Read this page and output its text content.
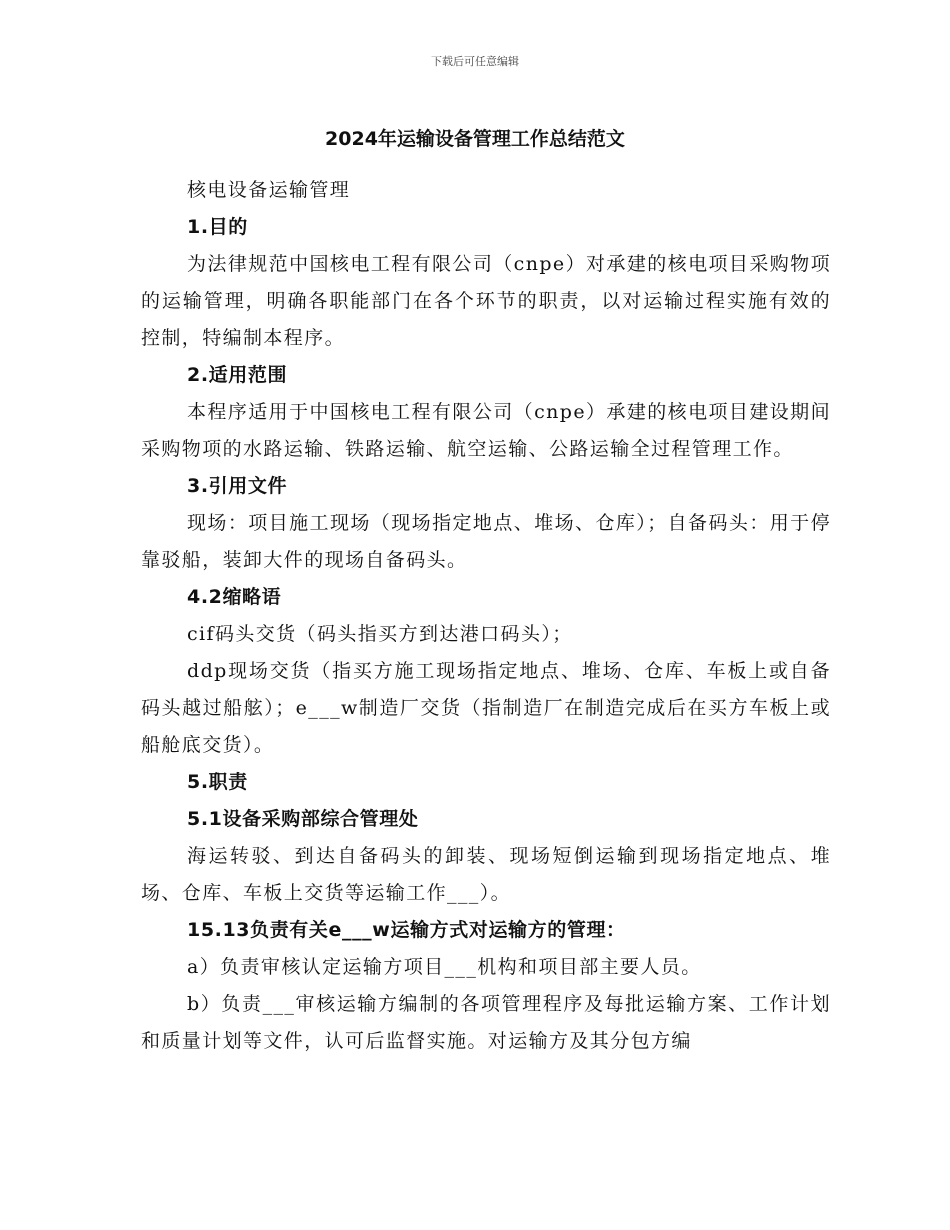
下载后可任意编辑
2024年运输设备管理工作总结范文

核电设备运输管理

1.目的

为法律规范中国核电工程有限公司（cnpe）对承建的核电项目采购物项的运输管理，明确各职能部门在各个环节的职责，以对运输过程实施有效的控制，特编制本程序。

2.适用范围

本程序适用于中国核电工程有限公司（cnpe）承建的核电项目建设期间采购物项的水路运输、铁路运输、航空运输、公路运输全过程管理工作。

3.引用文件

现场：项目施工现场（现场指定地点、堆场、仓库）；自备码头：用于停靠驳船，装卸大件的现场自备码头。

4.2缩略语

cif码头交货（码头指买方到达港口码头）；

ddp现场交货（指买方施工现场指定地点、堆场、仓库、车板上或自备码头越过船舷）；e___w制造厂交货（指制造厂在制造完成后在买方车板上或船舱底交货）。

5.职责

5.1设备采购部综合管理处

海运转驳、到达自备码头的卸装、现场短倒运输到现场指定地点、堆场、仓库、车板上交货等运输工作___）。

15.13负责有关e___w运输方式对运输方的管理：

a）负责审核认定运输方项目___机构和项目部主要人员。

b）负责___审核运输方编制的各项管理程序及每批运输方案、工作计划和质量计划等文件，认可后监督实施。对运输方及其分包方编
